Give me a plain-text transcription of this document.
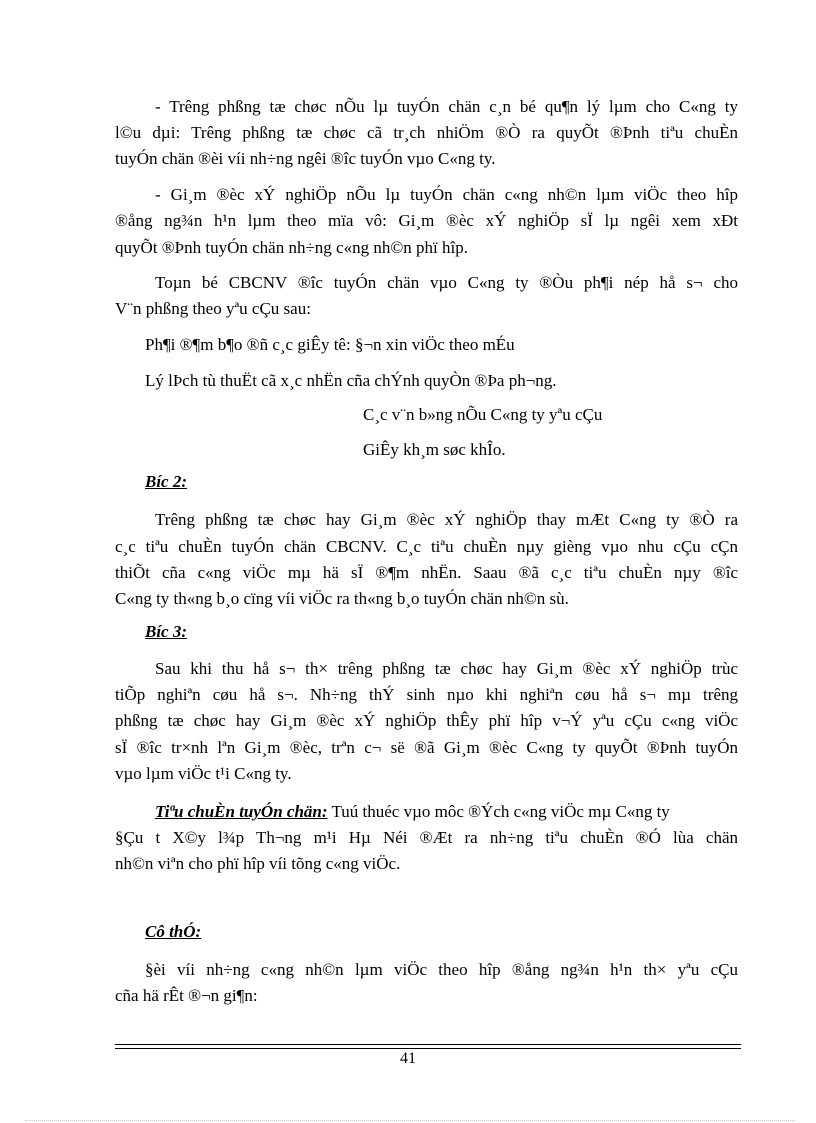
- Trêng phßng tæ chøc nÕu lµ tuyÓn chän c¸n bé qu¶n lý lµm cho C«ng ty
l©u dµi: Trêng phßng tæ chøc cã tr¸ch nhiÖm ®Ò ra quyÕt ®Þnh tiªu chuÈn
tuyÓn chän ®èi víi nh÷ng ngêi ®îc tuyÓn vµo C«ng ty.
- Gi¸m ®èc xÝ nghiÖp nÕu lµ tuyÓn chän c«ng nh©n lµm viÖc theo hîp
®ång ng¾n h¹n lµm theo mïa vô: Gi¸m ®èc xÝ nghiÖp sÏ lµ ngêi xem xÐt
quyÕt ®Þnh tuyÓn chän nh÷ng c«ng nh©n phï hîp.
Toµn bé CBCNV ®îc tuyÓn chän vµo C«ng ty ®Òu ph¶i nép hå s¬ cho
V¨n phßng theo yªu cÇu sau:
Ph¶i ®¶m b¶o ®ñ c¸c giÊy tê: §¬n xin viÖc theo mÉu
Lý lÞch tù thuËt cã x¸c nhËn cña chÝnh quyÒn ®Þa ph¬ng.
C¸c v¨n b»ng nÕu C«ng ty yªu cÇu
GiÊy kh¸m søc khÎo.
Bíc 2:
Trêng phßng tæ chøc hay Gi¸m ®èc xÝ nghiÖp thay mÆt C«ng ty ®Ò ra
c¸c tiªu chuÈn tuyÓn chän CBCNV. C¸c tiªu chuÈn nµy gièng vµo nhu cÇu cÇn
thiÕt cña c«ng viÖc mµ hä sÏ ®¶m nhËn. Saau ®ã c¸c tiªu chuÈn nµy ®îc
C«ng ty th«ng b¸o cïng víi viÖc ra th«ng b¸o tuyÓn chän nh©n sù.
Bíc 3:
Sau khi thu hå s¬ th× trêng phßng tæ chøc hay Gi¸m ®èc xÝ nghiÖp trùc
tiÕp nghiªn cøu hå s¬. Nh÷ng thÝ sinh nµo khi nghiªn cøu hå s¬ mµ trêng
phßng tæ chøc hay Gi¸m ®èc xÝ nghiÖp thÊy phï hîp v¬Ý yªu cÇu c«ng viÖc
sÏ ®îc tr×nh lªn Gi¸m ®èc, trªn c¬ së ®ã Gi¸m ®èc C«ng ty quyÕt ®Þnh tuyÓn
vµo lµm viÖc t¹i C«ng ty.
Tiªu chuÈn tuyÓn chän: Tuú thuéc vµo môc ®Ých c«ng viÖc mµ C«ng ty
§Çu t X©y l¾p Th¬ng m¹i Hµ Néi ®Æt ra nh÷ng tiªu chuÈn ®Ó lùa chän
nh©n viªn cho phï hîp víi tõng c«ng viÖc.
Cô thÓ:
§èi víi nh÷ng c«ng nh©n lµm viÖc theo hîp ®ång ng¾n h¹n th× yªu cÇu
cña hä rÊt ®¬n gi¶n:
41
